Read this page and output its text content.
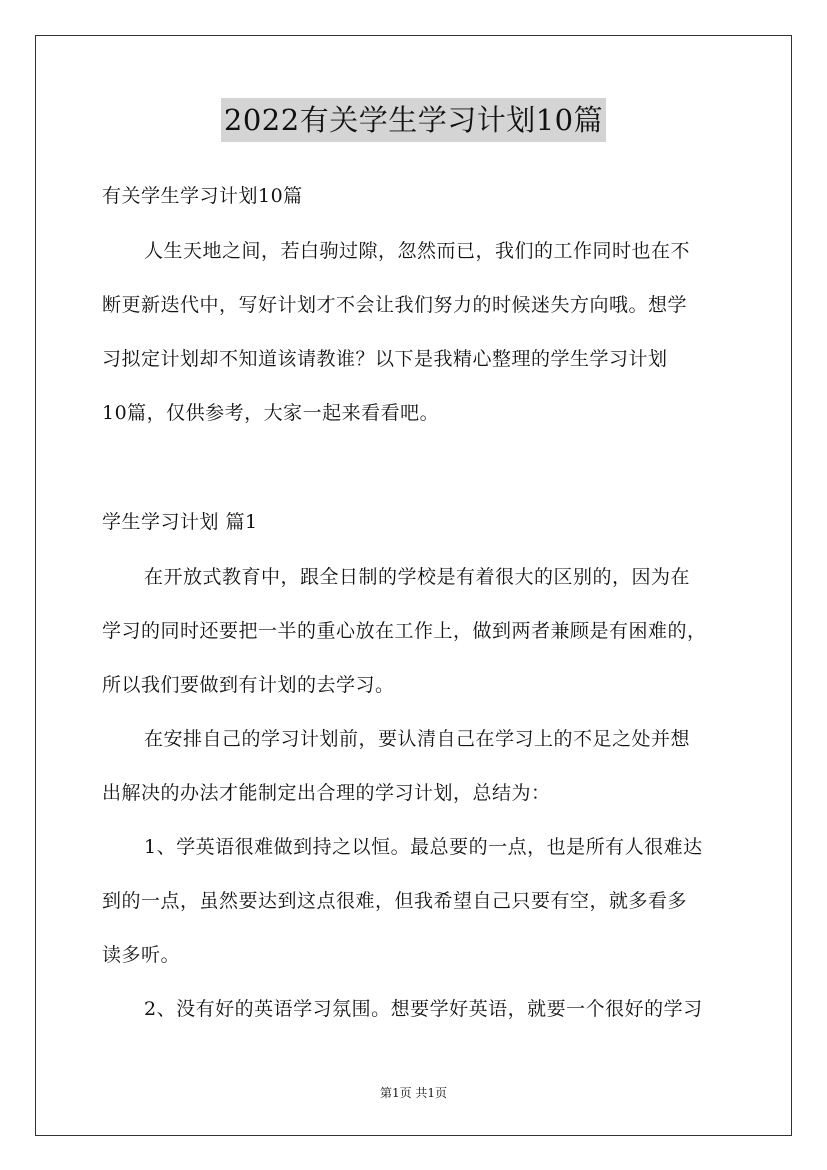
2022有关学生学习计划10篇
有关学生学习计划10篇
人生天地之间，若白驹过隙，忽然而已，我们的工作同时也在不
断更新迭代中，写好计划才不会让我们努力的时候迷失方向哦。想学
习拟定计划却不知道该请教谁？以下是我精心整理的学生学习计划
10篇，仅供参考，大家一起来看看吧。
学生学习计划 篇1
在开放式教育中，跟全日制的学校是有着很大的区别的，因为在
学习的同时还要把一半的重心放在工作上，做到两者兼顾是有困难的，
所以我们要做到有计划的去学习。
在安排自己的学习计划前，要认清自己在学习上的不足之处并想
出解决的办法才能制定出合理的学习计划，总结为：
1、学英语很难做到持之以恒。最总要的一点，也是所有人很难达
到的一点，虽然要达到这点很难，但我希望自己只要有空，就多看多
读多听。
2、没有好的英语学习氛围。想要学好英语，就要一个很好的学习
第1页 共1页
